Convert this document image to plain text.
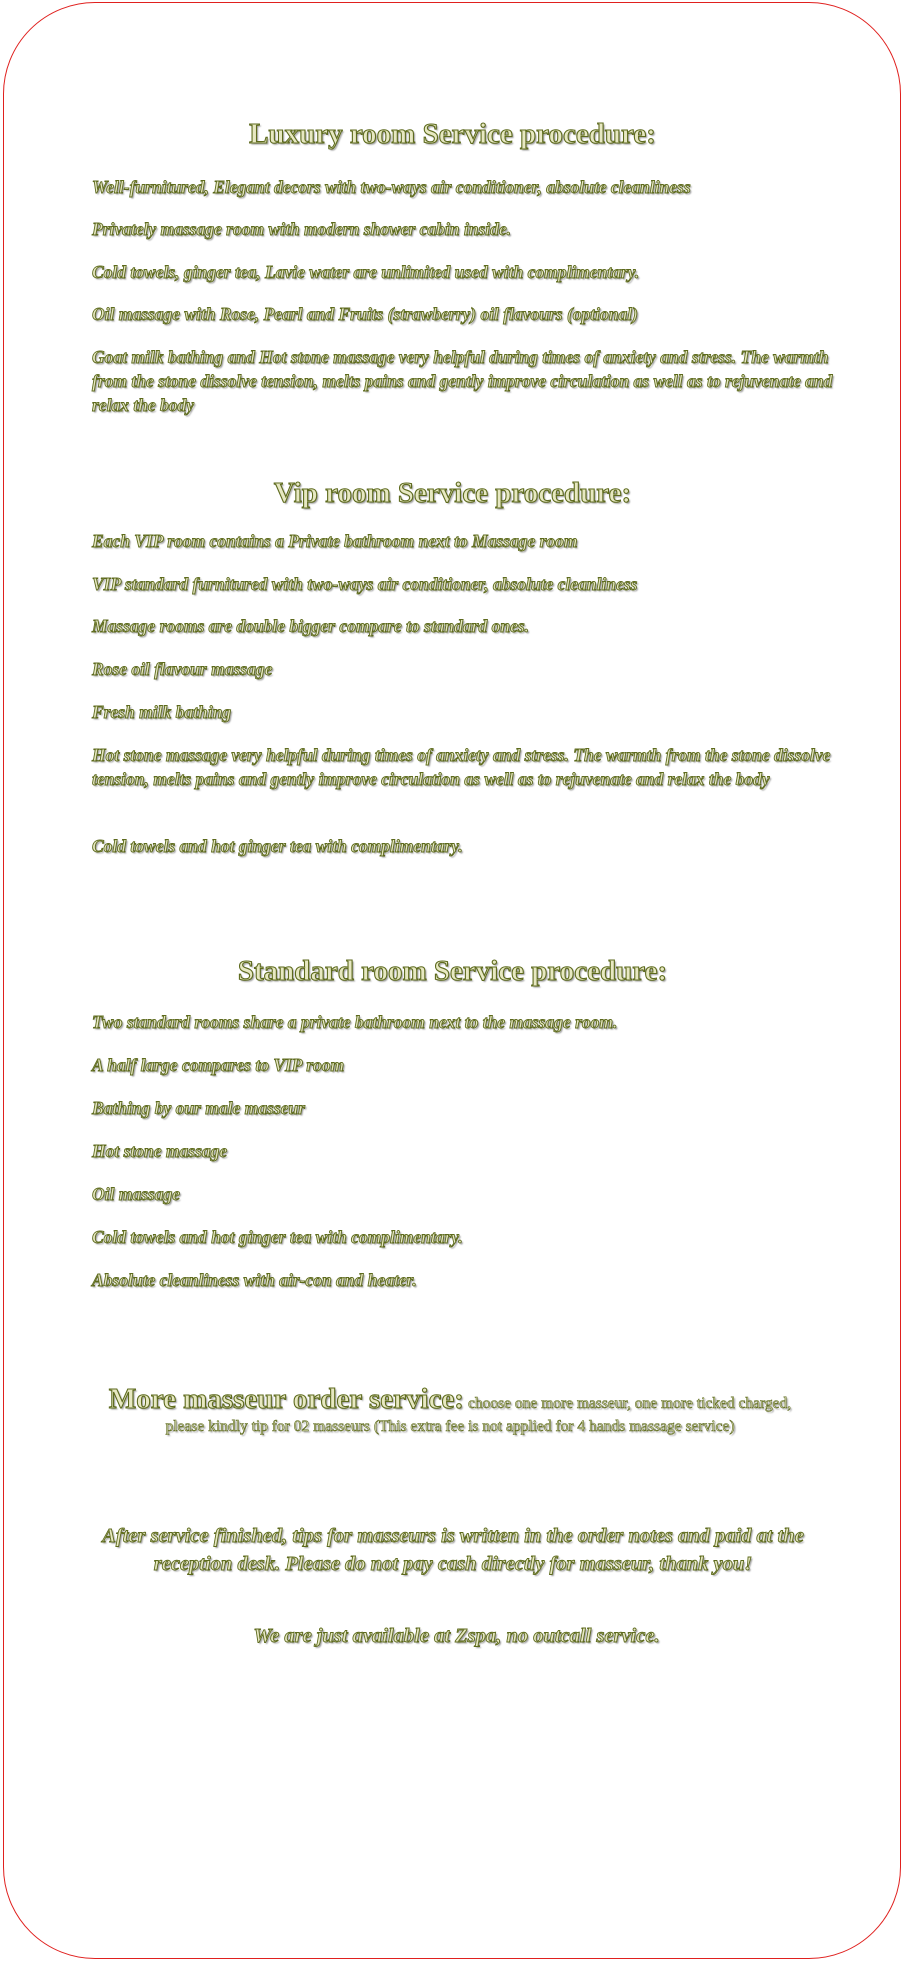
Luxury room Service procedure:
Well-furnitured, Elegant decors with two-ways air conditioner, absolute cleanliness
Privately massage room with modern shower cabin inside.
Cold towels, ginger tea, Lavie water are unlimited used with complimentary.
Oil massage with Rose, Pearl and Fruits (strawberry) oil flavours (optional)
Goat milk bathing and Hot stone massage very helpful during times of anxiety and stress. The warmth from the stone dissolve tension, melts pains and gently improve circulation as well as to rejuvenate and relax the body
Vip room Service procedure:
Each VIP room contains a Private bathroom next to Massage room
VIP standard furnitured with two-ways air conditioner, absolute cleanliness
Massage rooms are double bigger compare to standard ones.
Rose oil flavour massage
Fresh milk bathing
Hot stone massage very helpful during times of anxiety and stress. The warmth from the stone dissolve tension, melts pains and gently improve circulation as well as to rejuvenate and relax the body
Cold towels and hot ginger tea with complimentary.
Standard room Service procedure:
Two standard rooms share a private bathroom next to the massage room.
A half large compares to VIP room
Bathing by our male masseur
Hot stone massage
Oil massage
Cold towels and hot ginger tea with complimentary.
Absolute cleanliness with air-con and heater.
More masseur order service: choose one more masseur, one more ticked charged, please kindly tip for 02 masseurs (This extra fee is not applied for 4 hands massage service)
After service finished, tips for masseurs is written in the order notes and paid at the reception desk. Please do not pay cash directly for masseur, thank you!
We are just available at Zspa, no outcall service.
